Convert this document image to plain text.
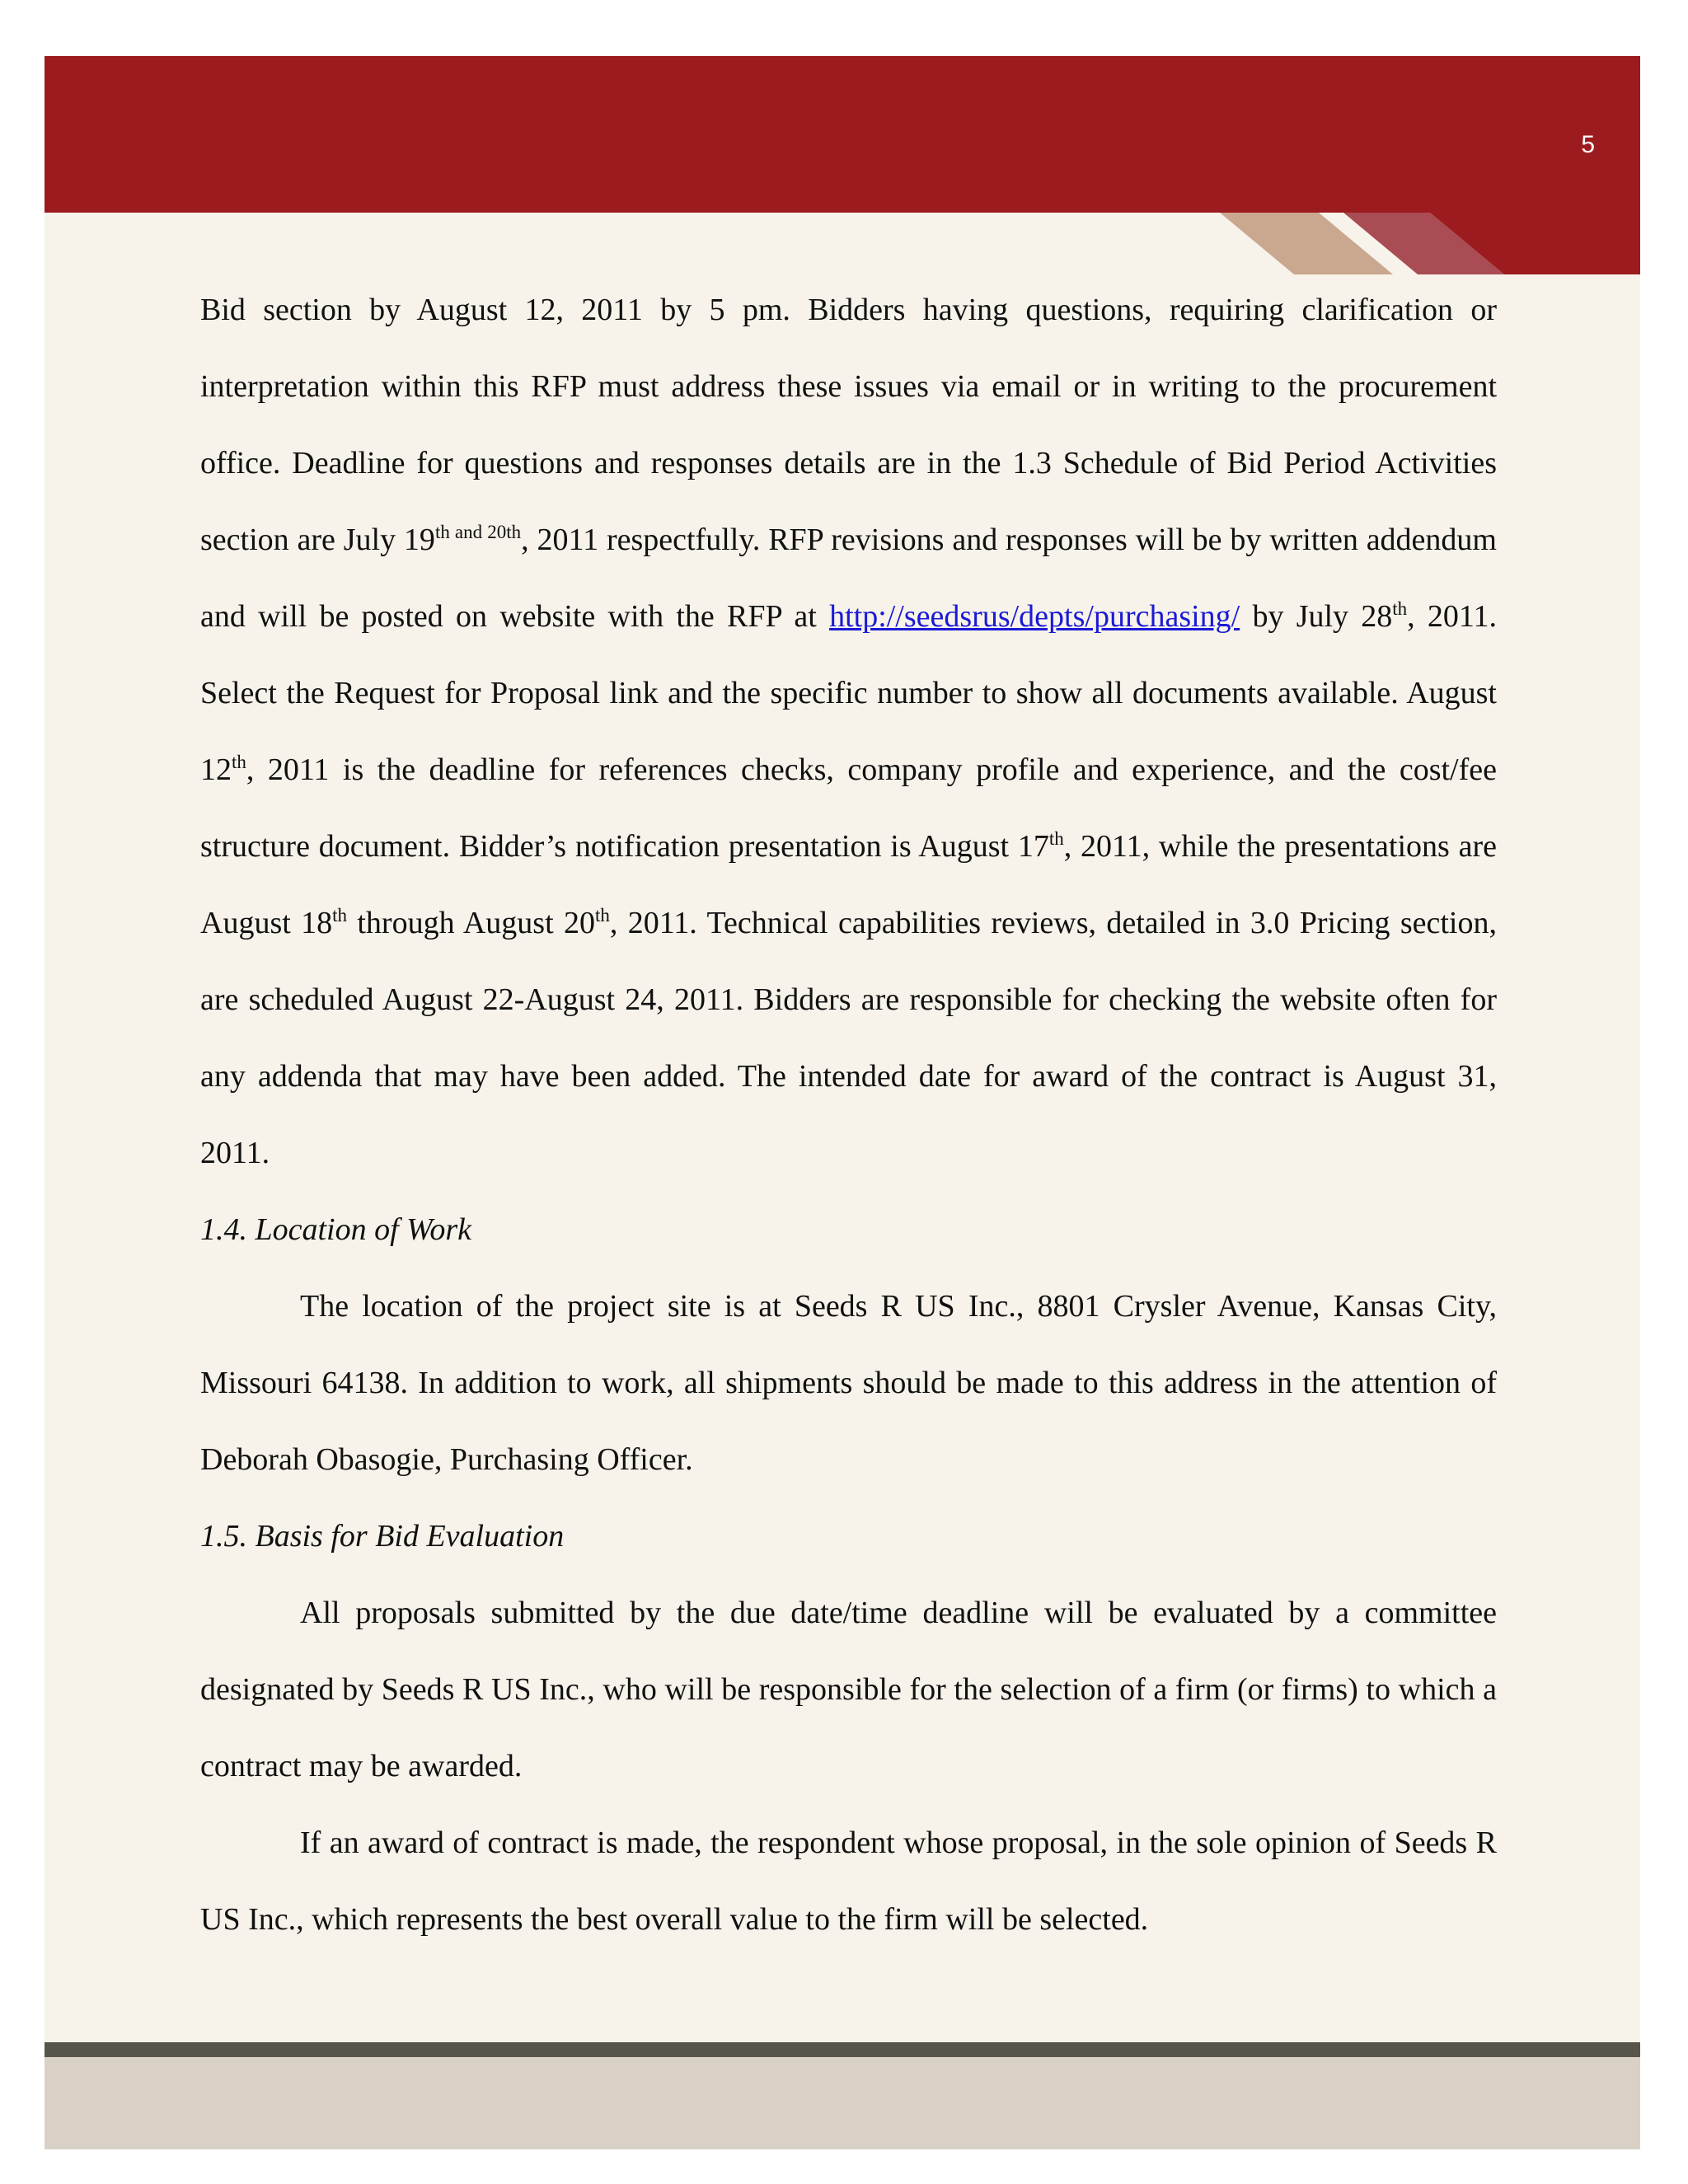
5

Bid section by August 12, 2011 by 5 pm. Bidders having questions, requiring clarification or interpretation within this RFP must address these issues via email or in writing to the procurement office. Deadline for questions and responses details are in the 1.3 Schedule of Bid Period Activities section are July $19^{th and 20th}$, 2011 respectfully. RFP revisions and responses will be by written addendum and will be posted on website with the RFP at http://seedsrus/depts/purchasing/ by July 28th, 2011. Select the Request for Proposal link and the specific number to show all documents available. August 12th, 2011 is the deadline for references checks, company profile and experience, and the cost/fee structure document. Bidder’s notification presentation is August 17th, 2011, while the presentations are August 18th through August 20th, 2011. Technical capabilities reviews, detailed in 3.0 Pricing section, are scheduled August 22-August 24, 2011. Bidders are responsible for checking the website often for any addenda that may have been added. The intended date for award of the contract is August 31, 2011.

1.4. Location of Work

The location of the project site is at Seeds R US Inc., 8801 Crysler Avenue, Kansas City, Missouri 64138. In addition to work, all shipments should be made to this address in the attention of Deborah Obasogie, Purchasing Officer.

1.5. Basis for Bid Evaluation

All proposals submitted by the due date/time deadline will be evaluated by a committee designated by Seeds R US Inc., who will be responsible for the selection of a firm (or firms) to which a contract may be awarded.

If an award of contract is made, the respondent whose proposal, in the sole opinion of Seeds R US Inc., which represents the best overall value to the firm will be selected.
